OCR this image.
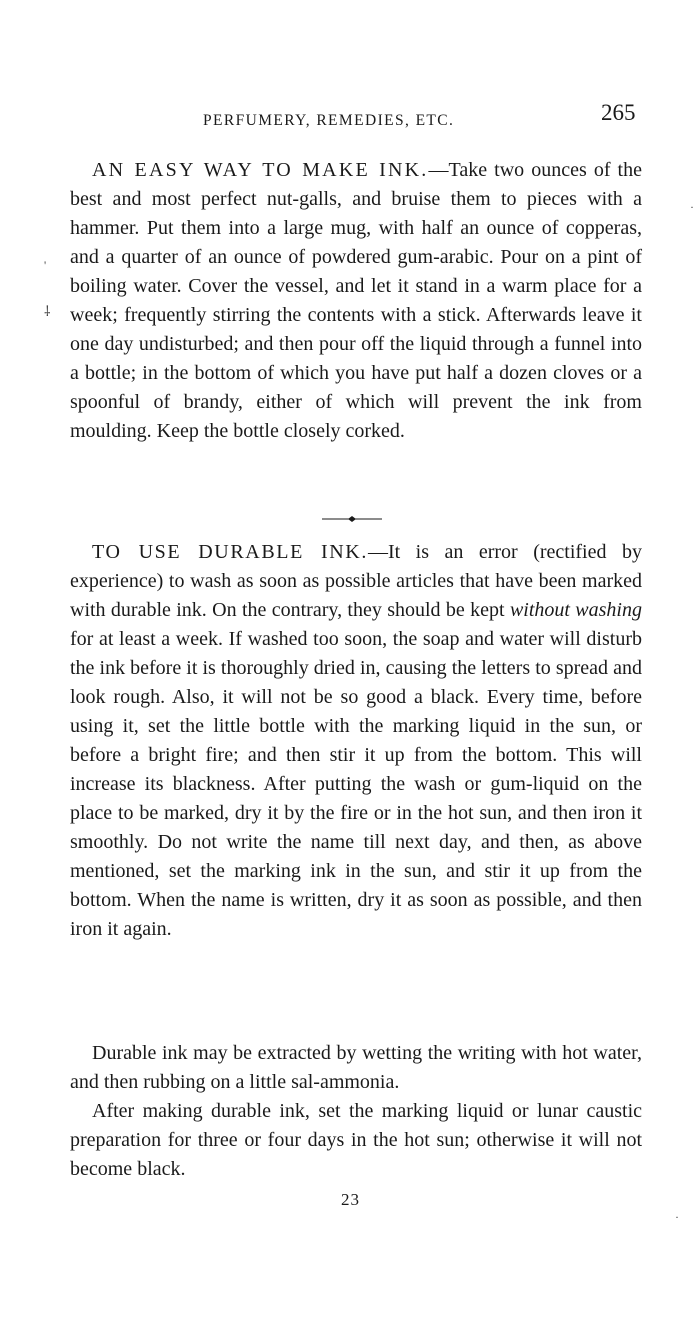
PERFUMERY, REMEDIES, ETC.	265

AN EASY WAY TO MAKE INK.—Take two ounces of the best and most perfect nut-galls, and bruise them to pieces with a hammer. Put them into a large mug, with half an ounce of copperas, and a quarter of an ounce of powdered gum-arabic. Pour on a pint of boiling water. Cover the vessel, and let it stand in a warm place for a week; frequently stirring the contents with a stick. Afterwards leave it one day undisturbed; and then pour off the liquid through a funnel into a bottle; in the bottom of which you have put half a dozen cloves or a spoonful of brandy, either of which will prevent the ink from moulding. Keep the bottle closely corked.

TO USE DURABLE INK.—It is an error (rectified by experience) to wash as soon as possible articles that have been marked with durable ink. On the contrary, they should be kept without washing for at least a week. If washed too soon, the soap and water will disturb the ink before it is thoroughly dried in, causing the letters to spread and look rough. Also, it will not be so good a black. Every time, before using it, set the little bottle with the marking liquid in the sun, or before a bright fire; and then stir it up from the bottom. This will increase its blackness. After putting the wash or gum-liquid on the place to be marked, dry it by the fire or in the hot sun, and then iron it smoothly. Do not write the name till next day, and then, as above mentioned, set the marking ink in the sun, and stir it up from the bottom. When the name is written, dry it as soon as possible, and then iron it again.

Durable ink may be extracted by wetting the writing with hot water, and then rubbing on a little sal-ammonia.

After making durable ink, set the marking liquid or lunar caustic preparation for three or four days in the hot sun; otherwise it will not become black.

23
'
⸸
·
·
